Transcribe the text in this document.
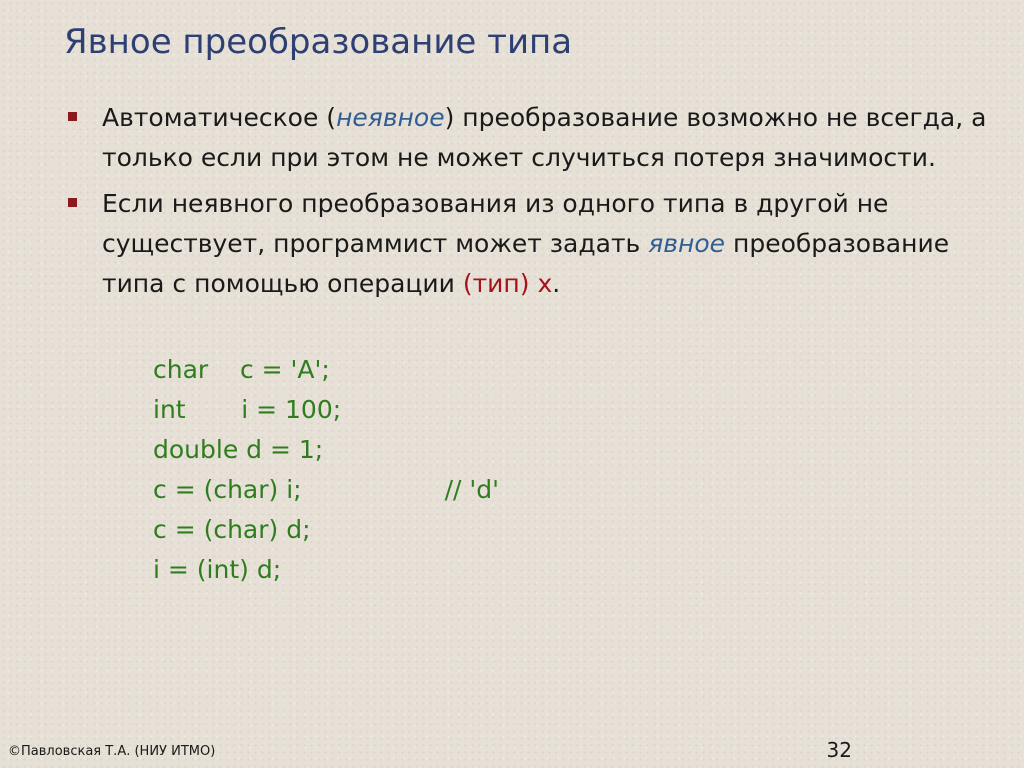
Явное преобразование типа
Автоматическое (неявное) преобразование возможно не всегда, а только если при этом не может случиться потеря значимости.
Если неявного преобразования из одного типа в другой не существует, программист может задать явное преобразование типа с помощью операции (тип) x.
char    c = 'A';
int       i = 100;
double d = 1;
c = (char) i;                  // 'd'
c = (char) d;
i = (int) d;
©Павловская Т.А. (НИУ ИТМО)	32
